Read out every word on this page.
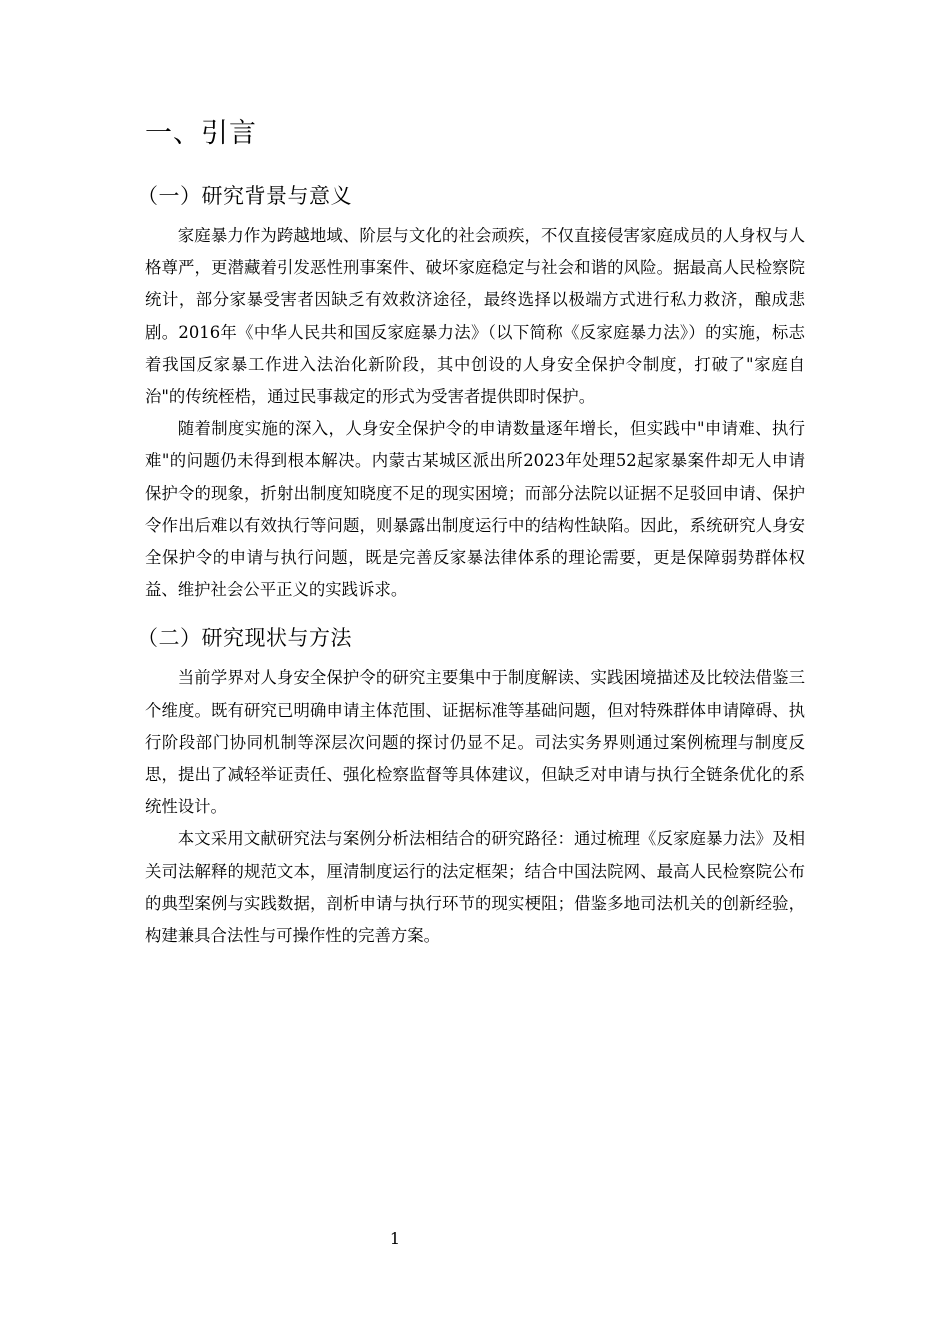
一、引言
（一）研究背景与意义

家庭暴力作为跨越地域、阶层与文化的社会顽疾，不仅直接侵害家庭成员的人身权与人格尊严，更潜藏着引发恶性刑事案件、破坏家庭稳定与社会和谐的风险。据最高人民检察院统计，部分家暴受害者因缺乏有效救济途径，最终选择以极端方式进行私力救济，酿成悲剧。2016年《中华人民共和国反家庭暴力法》（以下简称《反家庭暴力法》）的实施，标志着我国反家暴工作进入法治化新阶段，其中创设的人身安全保护令制度，打破了"家庭自治"的传统桎梏，通过民事裁定的形式为受害者提供即时保护。

随着制度实施的深入，人身安全保护令的申请数量逐年增长，但实践中"申请难、执行难"的问题仍未得到根本解决。内蒙古某城区派出所2023年处理52起家暴案件却无人申请保护令的现象，折射出制度知晓度不足的现实困境；而部分法院以证据不足驳回申请、保护令作出后难以有效执行等问题，则暴露出制度运行中的结构性缺陷。因此，系统研究人身安全保护令的申请与执行问题，既是完善反家暴法律体系的理论需要，更是保障弱势群体权益、维护社会公平正义的实践诉求。

（二）研究现状与方法

当前学界对人身安全保护令的研究主要集中于制度解读、实践困境描述及比较法借鉴三个维度。既有研究已明确申请主体范围、证据标准等基础问题，但对特殊群体申请障碍、执行阶段部门协同机制等深层次问题的探讨仍显不足。司法实务界则通过案例梳理与制度反思，提出了减轻举证责任、强化检察监督等具体建议，但缺乏对申请与执行全链条优化的系统性设计。

本文采用文献研究法与案例分析法相结合的研究路径：通过梳理《反家庭暴力法》及相关司法解释的规范文本，厘清制度运行的法定框架；结合中国法院网、最高人民检察院公布的典型案例与实践数据，剖析申请与执行环节的现实梗阻；借鉴多地司法机关的创新经验，构建兼具合法性与可操作性的完善方案。

1
